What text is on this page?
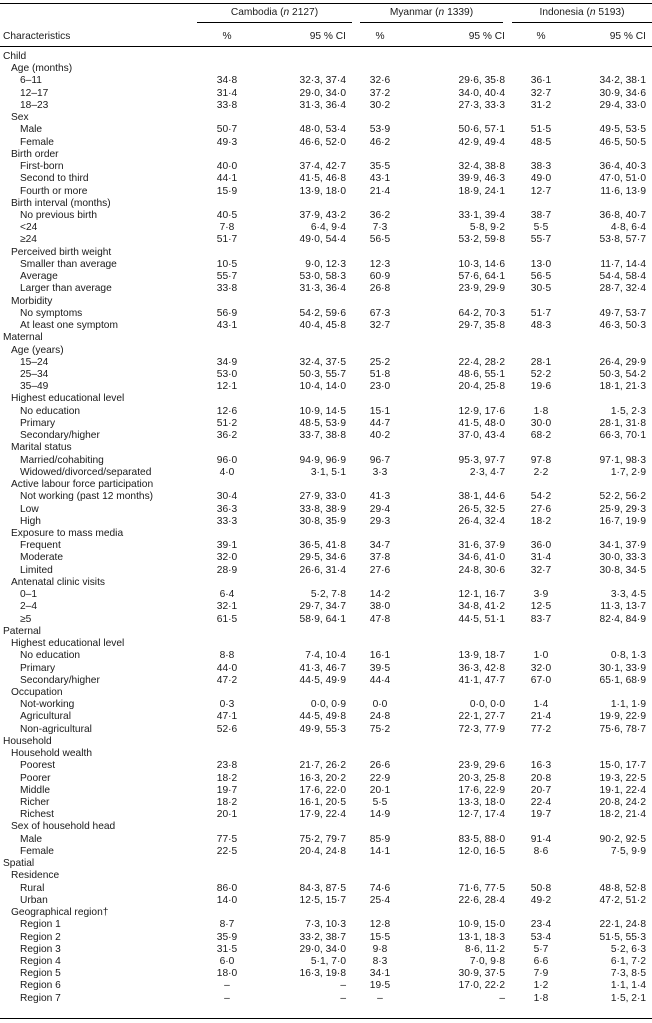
Cambodia (n 2127)	Myanmar (n 1339)	Indonesia (n 5193)
Characteristics	%	95 % CI	%	95 % CI	%	95 % CI
Child
Age (months)
6–11	34·8	32·3, 37·4	32·6	29·6, 35·8	36·1	34·2, 38·1
12–17	31·4	29·0, 34·0	37·2	34·0, 40·4	32·7	30·9, 34·6
18–23	33·8	31·3, 36·4	30·2	27·3, 33·3	31·2	29·4, 33·0
Sex
Male	50·7	48·0, 53·4	53·9	50·6, 57·1	51·5	49·5, 53·5
Female	49·3	46·6, 52·0	46·2	42·9, 49·4	48·5	46·5, 50·5
Birth order
First-born	40·0	37·4, 42·7	35·5	32·4, 38·8	38·3	36·4, 40·3
Second to third	44·1	41·5, 46·8	43·1	39·9, 46·3	49·0	47·0, 51·0
Fourth or more	15·9	13·9, 18·0	21·4	18·9, 24·1	12·7	11·6, 13·9
Birth interval (months)
No previous birth	40·5	37·9, 43·2	36·2	33·1, 39·4	38·7	36·8, 40·7
<24	7·8	6·4, 9·4	7·3	5·8, 9·2	5·5	4·8, 6·4
≥24	51·7	49·0, 54·4	56·5	53·2, 59·8	55·7	53·8, 57·7
Perceived birth weight
Smaller than average	10·5	9·0, 12·3	12·3	10·3, 14·6	13·0	11·7, 14·4
Average	55·7	53·0, 58·3	60·9	57·6, 64·1	56·5	54·4, 58·4
Larger than average	33·8	31·3, 36·4	26·8	23·9, 29·9	30·5	28·7, 32·4
Morbidity
No symptoms	56·9	54·2, 59·6	67·3	64·2, 70·3	51·7	49·7, 53·7
At least one symptom	43·1	40·4, 45·8	32·7	29·7, 35·8	48·3	46·3, 50·3
Maternal
Age (years)
15–24	34·9	32·4, 37·5	25·2	22·4, 28·2	28·1	26·4, 29·9
25–34	53·0	50·3, 55·7	51·8	48·6, 55·1	52·2	50·3, 54·2
35–49	12·1	10·4, 14·0	23·0	20·4, 25·8	19·6	18·1, 21·3
Highest educational level
No education	12·6	10·9, 14·5	15·1	12·9, 17·6	1·8	1·5, 2·3
Primary	51·2	48·5, 53·9	44·7	41·5, 48·0	30·0	28·1, 31·8
Secondary/higher	36·2	33·7, 38·8	40·2	37·0, 43·4	68·2	66·3, 70·1
Marital status
Married/cohabiting	96·0	94·9, 96·9	96·7	95·3, 97·7	97·8	97·1, 98·3
Widowed/divorced/separated	4·0	3·1, 5·1	3·3	2·3, 4·7	2·2	1·7, 2·9
Active labour force participation
Not working (past 12 months)	30·4	27·9, 33·0	41·3	38·1, 44·6	54·2	52·2, 56·2
Low	36·3	33·8, 38·9	29·4	26·5, 32·5	27·6	25·9, 29·3
High	33·3	30·8, 35·9	29·3	26·4, 32·4	18·2	16·7, 19·9
Exposure to mass media
Frequent	39·1	36·5, 41·8	34·7	31·6, 37·9	36·0	34·1, 37·9
Moderate	32·0	29·5, 34·6	37·8	34·6, 41·0	31·4	30·0, 33·3
Limited	28·9	26·6, 31·4	27·6	24·8, 30·6	32·7	30·8, 34·5
Antenatal clinic visits
0–1	6·4	5·2, 7·8	14·2	12·1, 16·7	3·9	3·3, 4·5
2–4	32·1	29·7, 34·7	38·0	34·8, 41·2	12·5	11·3, 13·7
≥5	61·5	58·9, 64·1	47·8	44·5, 51·1	83·7	82·4, 84·9
Paternal
Highest educational level
No education	8·8	7·4, 10·4	16·1	13·9, 18·7	1·0	0·8, 1·3
Primary	44·0	41·3, 46·7	39·5	36·3, 42·8	32·0	30·1, 33·9
Secondary/higher	47·2	44·5, 49·9	44·4	41·1, 47·7	67·0	65·1, 68·9
Occupation
Not-working	0·3	0·0, 0·9	0·0	0·0, 0·0	1·4	1·1, 1·9
Agricultural	47·1	44·5, 49·8	24·8	22·1, 27·7	21·4	19·9, 22·9
Non-agricultural	52·6	49·9, 55·3	75·2	72·3, 77·9	77·2	75·6, 78·7
Household
Household wealth
Poorest	23·8	21·7, 26·2	26·6	23·9, 29·6	16·3	15·0, 17·7
Poorer	18·2	16·3, 20·2	22·9	20·3, 25·8	20·8	19·3, 22·5
Middle	19·7	17·6, 22·0	20·1	17·6, 22·9	20·7	19·1, 22·4
Richer	18·2	16·1, 20·5	5·5	13·3, 18·0	22·4	20·8, 24·2
Richest	20·1	17·9, 22·4	14·9	12·7, 17·4	19·7	18·2, 21·4
Sex of household head
Male	77·5	75·2, 79·7	85·9	83·5, 88·0	91·4	90·2, 92·5
Female	22·5	20·4, 24·8	14·1	12·0, 16·5	8·6	7·5, 9·9
Spatial
Residence
Rural	86·0	84·3, 87·5	74·6	71·6, 77·5	50·8	48·8, 52·8
Urban	14·0	12·5, 15·7	25·4	22·6, 28·4	49·2	47·2, 51·2
Geographical region†
Region 1	8·7	7·3, 10·3	12·8	10·9, 15·0	23·4	22·1, 24·8
Region 2	35·9	33·2, 38·7	15·5	13·1, 18·3	53·4	51·5, 55·3
Region 3	31·5	29·0, 34·0	9·8	8·6, 11·2	5·7	5·2, 6·3
Region 4	6·0	5·1, 7·0	8·3	7·0, 9·8	6·6	6·1, 7·2
Region 5	18·0	16·3, 19·8	34·1	30·9, 37·5	7·9	7·3, 8·5
Region 6	–	–	19·5	17·0, 22·2	1·2	1·1, 1·4
Region 7	–	–	–	–	1·8	1·5, 2·1
